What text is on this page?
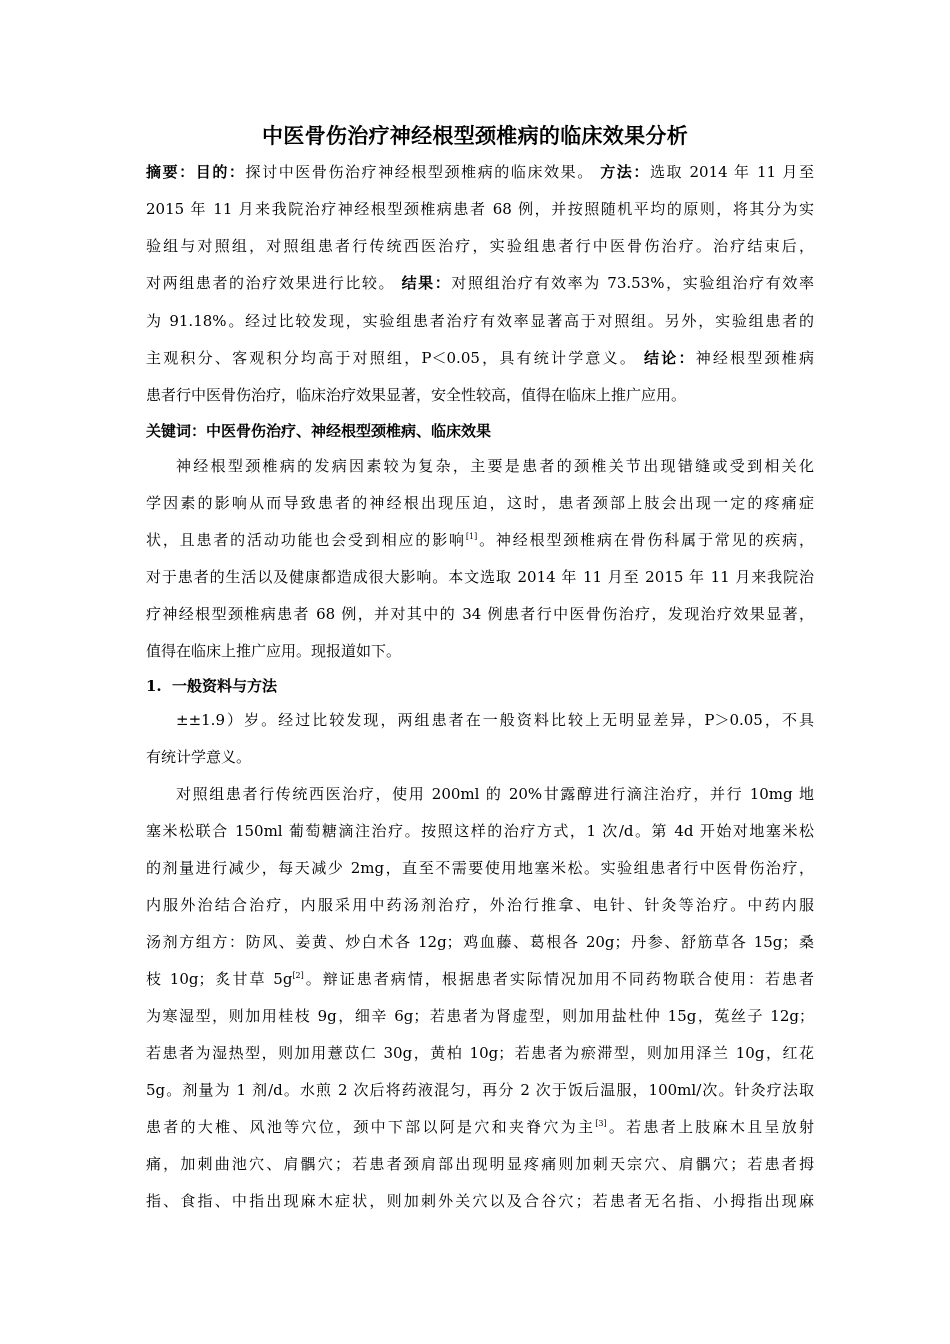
中医骨伤治疗神经根型颈椎病的临床效果分析
摘要：目的：探讨中医骨伤治疗神经根型颈椎病的临床效果。 方法：选取 2014 年 11 月至
2015 年 11 月来我院治疗神经根型颈椎病患者 68 例，并按照随机平均的原则，将其分为实
验组与对照组，对照组患者行传统西医治疗，实验组患者行中医骨伤治疗。治疗结束后，
对两组患者的治疗效果进行比较。 结果：对照组治疗有效率为 73.53%，实验组治疗有效率
为 91.18%。经过比较发现，实验组患者治疗有效率显著高于对照组。另外，实验组患者的
主观积分、客观积分均高于对照组，P＜0.05，具有统计学意义。 结论：神经根型颈椎病
患者行中医骨伤治疗，临床治疗效果显著，安全性较高，值得在临床上推广应用。
关键词：中医骨伤治疗、神经根型颈椎病、临床效果
神经根型颈椎病的发病因素较为复杂，主要是患者的颈椎关节出现错缝或受到相关化
学因素的影响从而导致患者的神经根出现压迫，这时，患者颈部上肢会出现一定的疼痛症
状，且患者的活动功能也会受到相应的影响[1]。神经根型颈椎病在骨伤科属于常见的疾病，
对于患者的生活以及健康都造成很大影响。本文选取 2014 年 11 月至 2015 年 11 月来我院治
疗神经根型颈椎病患者 68 例，并对其中的 34 例患者行中医骨伤治疗，发现治疗效果显著，
值得在临床上推广应用。现报道如下。
1. 一般资料与方法
±±1.9）岁。经过比较发现，两组患者在一般资料比较上无明显差异，P＞0.05，不具
有统计学意义。
对照组患者行传统西医治疗，使用 200ml 的 20%甘露醇进行滴注治疗，并行 10mg 地
塞米松联合 150ml 葡萄糖滴注治疗。按照这样的治疗方式，1 次/d。第 4d 开始对地塞米松
的剂量进行减少，每天减少 2mg，直至不需要使用地塞米松。实验组患者行中医骨伤治疗，
内服外治结合治疗，内服采用中药汤剂治疗，外治行推拿、电针、针灸等治疗。中药内服
汤剂方组方：防风、姜黄、炒白术各 12g；鸡血藤、葛根各 20g；丹参、舒筋草各 15g；桑
枝 10g；炙甘草 5g[2]。辩证患者病情，根据患者实际情况加用不同药物联合使用：若患者
为寒湿型，则加用桂枝 9g，细辛 6g；若患者为肾虚型，则加用盐杜仲 15g，菟丝子 12g；
若患者为湿热型，则加用薏苡仁 30g，黄柏 10g；若患者为瘀滞型，则加用泽兰 10g，红花
5g。剂量为 1 剂/d。水煎 2 次后将药液混匀，再分 2 次于饭后温服，100ml/次。针灸疗法取
患者的大椎、风池等穴位，颈中下部以阿是穴和夹脊穴为主[3]。若患者上肢麻木且呈放射
痛，加刺曲池穴、肩髃穴；若患者颈肩部出现明显疼痛则加刺天宗穴、肩髃穴；若患者拇
指、食指、中指出现麻木症状，则加刺外关穴以及合谷穴；若患者无名指、小拇指出现麻
